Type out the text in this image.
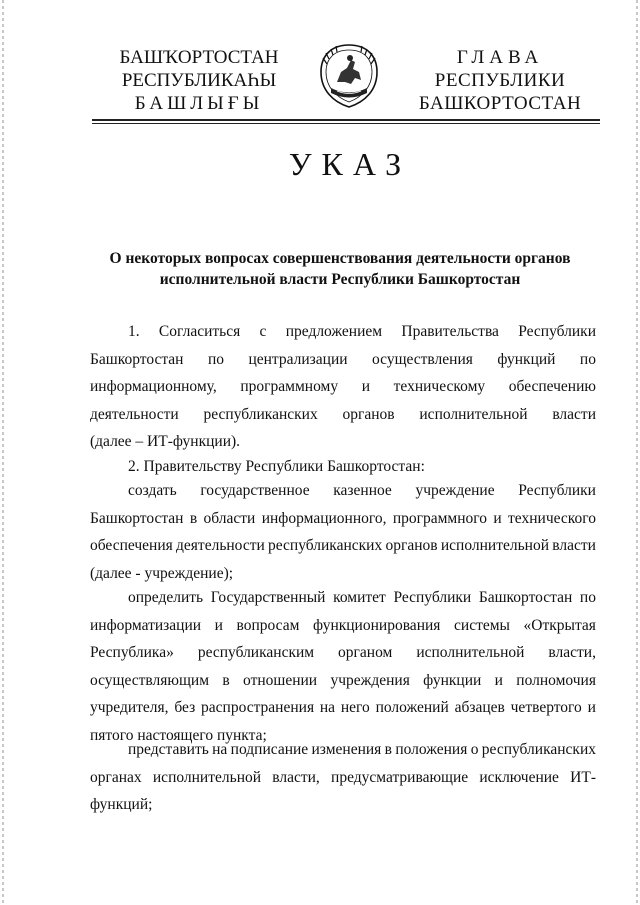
БАШҠОРТОСТАН
РЕСПУБЛИКАҺЫ
БАШЛЫҒЫ
ГЛАВА
РЕСПУБЛИКИ
БАШКОРТОСТАН
УКАЗ
О некоторых вопросах совершенствования деятельности органов
исполнительной власти Республики Башкортостан
1. Согласиться с предложением Правительства Республики
Башкортостан по централизации осуществления функций по
информационному, программному и техническому обеспечению
деятельности республиканских органов исполнительной власти
(далее – ИТ-функции).
2. Правительству Республики Башкортостан:
создать государственное казенное учреждение Республики
Башкортостан в области информационного, программного и технического
обеспечения деятельности республиканских органов исполнительной власти
(далее - учреждение);
определить Государственный комитет Республики Башкортостан по
информатизации и вопросам функционирования системы «Открытая
Республика» республиканским органом исполнительной власти,
осуществляющим в отношении учреждения функции и полномочия
учредителя, без распространения на него положений абзацев четвертого и
пятого настоящего пункта;
представить на подписание изменения в положения о республиканских
органах исполнительной власти, предусматривающие исключение ИТ-
функций;
